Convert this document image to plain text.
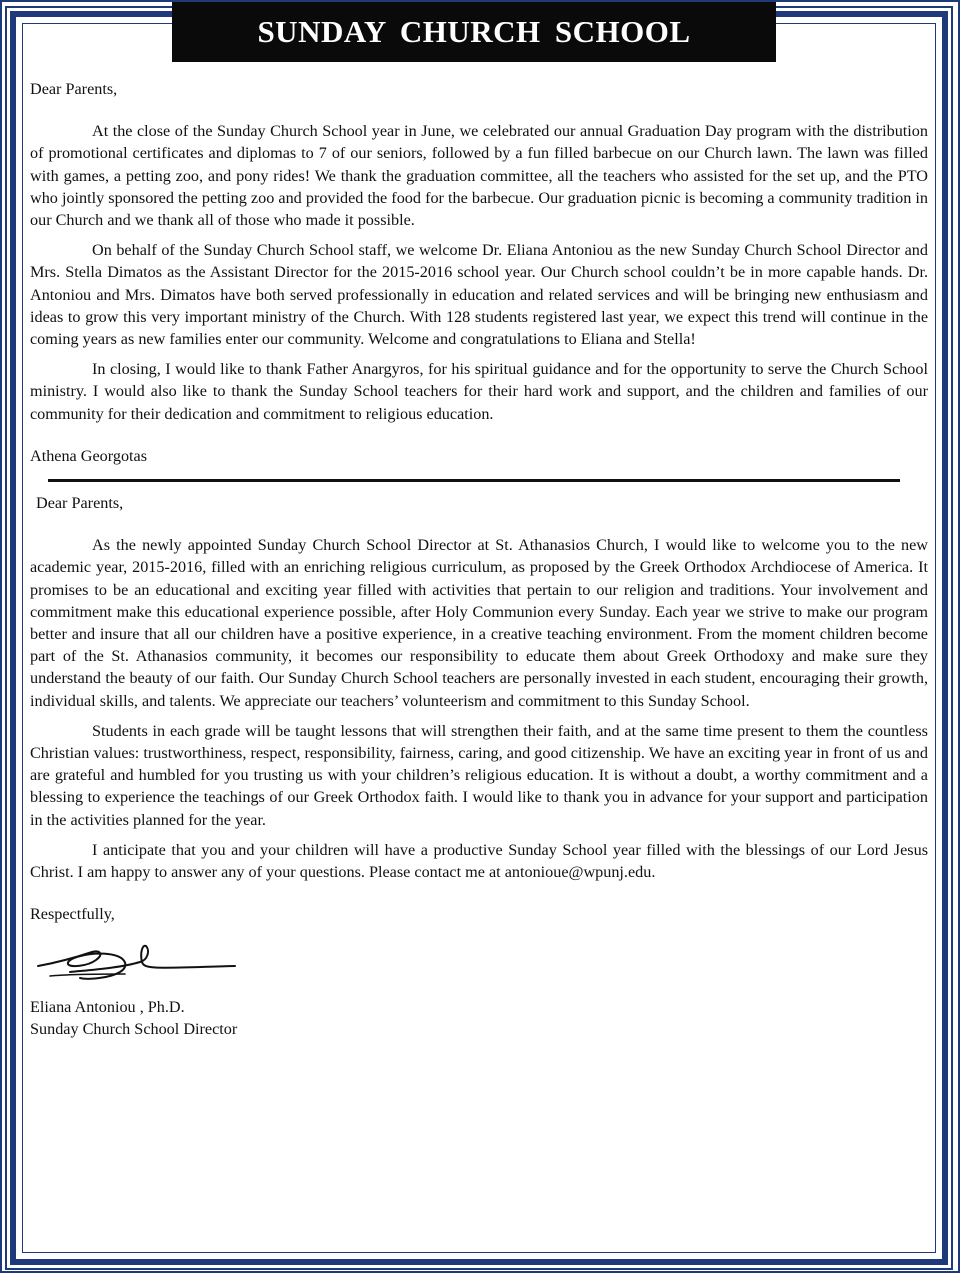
SUNDAY CHURCH SCHOOL

Dear Parents,

At the close of the Sunday Church School year in June, we celebrated our annual Graduation Day program with the distribution of promotional certificates and diplomas to 7 of our seniors, followed by a fun filled barbecue on our Church lawn. The lawn was filled with games, a petting zoo, and pony rides! We thank the graduation committee, all the teachers who assisted for the set up, and the PTO who jointly sponsored the petting zoo and provided the food for the barbecue. Our graduation picnic is becoming a community tradition in our Church and we thank all of those who made it possible.

On behalf of the Sunday Church School staff, we welcome Dr. Eliana Antoniou as the new Sunday Church School Director and Mrs. Stella Dimatos as the Assistant Director for the 2015-2016 school year. Our Church school couldn’t be in more capable hands. Dr. Antoniou and Mrs. Dimatos have both served professionally in education and related services and will be bringing new enthusiasm and ideas to grow this very important ministry of the Church. With 128 students registered last year, we expect this trend will continue in the coming years as new families enter our community. Welcome and congratulations to Eliana and Stella!

In closing, I would like to thank Father Anargyros, for his spiritual guidance and for the opportunity to serve the Church School ministry. I would also like to thank the Sunday School teachers for their hard work and support, and the children and families of our community for their dedication and commitment to religious education.

Athena Georgotas

Dear Parents,

As the newly appointed Sunday Church School Director at St. Athanasios Church, I would like to welcome you to the new academic year, 2015-2016, filled with an enriching religious curriculum, as proposed by the Greek Orthodox Archdiocese of America. It promises to be an educational and exciting year filled with activities that pertain to our religion and traditions. Your involvement and commitment make this educational experience possible, after Holy Communion every Sunday. Each year we strive to make our program better and insure that all our children have a positive experience, in a creative teaching environment. From the moment children become part of the St. Athanasios community, it becomes our responsibility to educate them about Greek Orthodoxy and make sure they understand the beauty of our faith. Our Sunday Church School teachers are personally invested in each student, encouraging their growth, individual skills, and talents. We appreciate our teachers’ volunteerism and commitment to this Sunday School.

Students in each grade will be taught lessons that will strengthen their faith, and at the same time present to them the countless Christian values: trustworthiness, respect, responsibility, fairness, caring, and good citizenship. We have an exciting year in front of us and are grateful and humbled for you trusting us with your children’s religious education. It is without a doubt, a worthy commitment and a blessing to experience the teachings of our Greek Orthodox faith. I would like to thank you in advance for your support and participation in the activities planned for the year.

I anticipate that you and your children will have a productive Sunday School year filled with the blessings of our Lord Jesus Christ. I am happy to answer any of your questions. Please contact me at antonioue@wpunj.edu.

Respectfully,

Eliana Antoniou , Ph.D.

Sunday Church School Director
